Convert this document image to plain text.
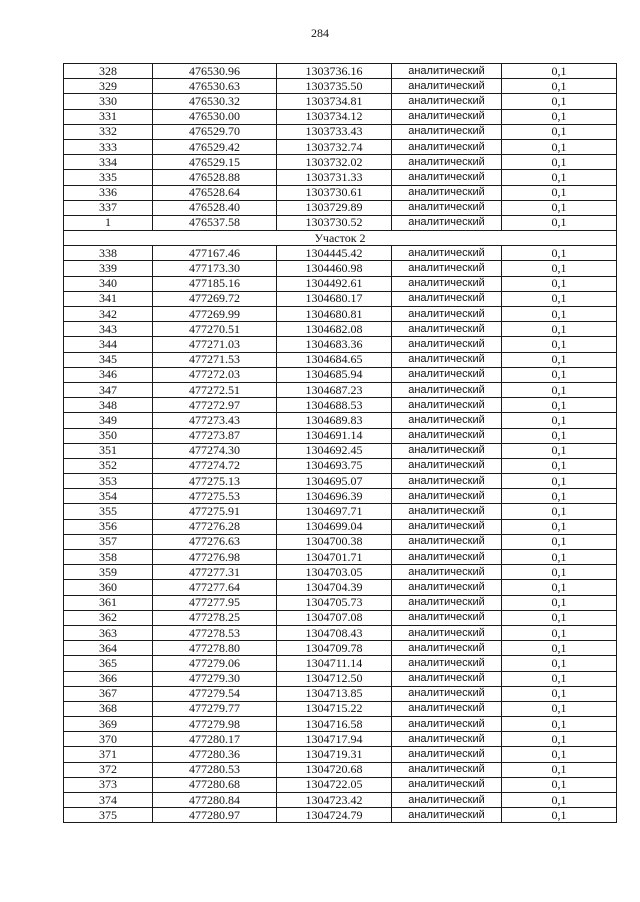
284
328	476530.96	1303736.16	аналитический	0,1
329	476530.63	1303735.50	аналитический	0,1
330	476530.32	1303734.81	аналитический	0,1
331	476530.00	1303734.12	аналитический	0,1
332	476529.70	1303733.43	аналитический	0,1
333	476529.42	1303732.74	аналитический	0,1
334	476529.15	1303732.02	аналитический	0,1
335	476528.88	1303731.33	аналитический	0,1
336	476528.64	1303730.61	аналитический	0,1
337	476528.40	1303729.89	аналитический	0,1
1	476537.58	1303730.52	аналитический	0,1
Участок 2				
338	477167.46	1304445.42	аналитический	0,1
339	477173.30	1304460.98	аналитический	0,1
340	477185.16	1304492.61	аналитический	0,1
341	477269.72	1304680.17	аналитический	0,1
342	477269.99	1304680.81	аналитический	0,1
343	477270.51	1304682.08	аналитический	0,1
344	477271.03	1304683.36	аналитический	0,1
345	477271.53	1304684.65	аналитический	0,1
346	477272.03	1304685.94	аналитический	0,1
347	477272.51	1304687.23	аналитический	0,1
348	477272.97	1304688.53	аналитический	0,1
349	477273.43	1304689.83	аналитический	0,1
350	477273.87	1304691.14	аналитический	0,1
351	477274.30	1304692.45	аналитический	0,1
352	477274.72	1304693.75	аналитический	0,1
353	477275.13	1304695.07	аналитический	0,1
354	477275.53	1304696.39	аналитический	0,1
355	477275.91	1304697.71	аналитический	0,1
356	477276.28	1304699.04	аналитический	0,1
357	477276.63	1304700.38	аналитический	0,1
358	477276.98	1304701.71	аналитический	0,1
359	477277.31	1304703.05	аналитический	0,1
360	477277.64	1304704.39	аналитический	0,1
361	477277.95	1304705.73	аналитический	0,1
362	477278.25	1304707.08	аналитический	0,1
363	477278.53	1304708.43	аналитический	0,1
364	477278.80	1304709.78	аналитический	0,1
365	477279.06	1304711.14	аналитический	0,1
366	477279.30	1304712.50	аналитический	0,1
367	477279.54	1304713.85	аналитический	0,1
368	477279.77	1304715.22	аналитический	0,1
369	477279.98	1304716.58	аналитический	0,1
370	477280.17	1304717.94	аналитический	0,1
371	477280.36	1304719.31	аналитический	0,1
372	477280.53	1304720.68	аналитический	0,1
373	477280.68	1304722.05	аналитический	0,1
374	477280.84	1304723.42	аналитический	0,1
375	477280.97	1304724.79	аналитический	0,1
